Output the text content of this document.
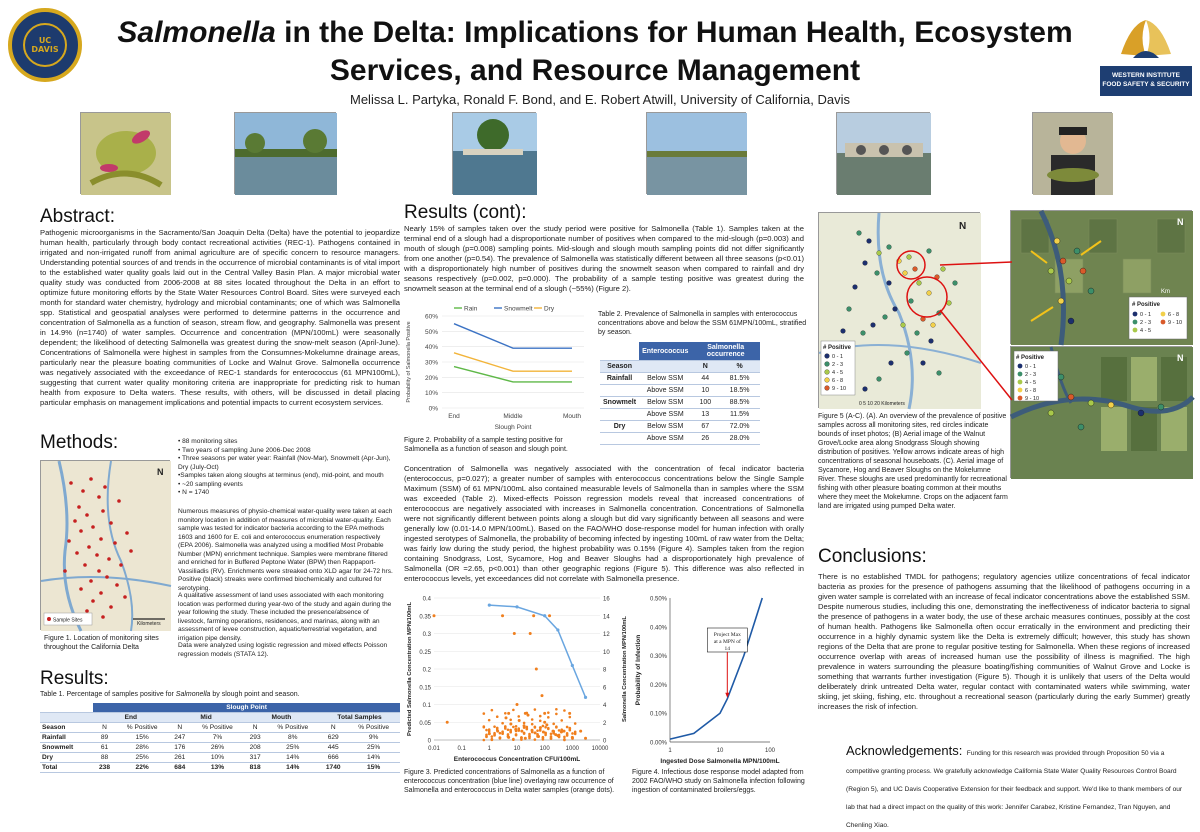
UC
DAVIS
Salmonella in the Delta: Implications for Human Health, Ecosystem Services, and Resource Management
Melissa L. Partyka, Ronald F. Bond, and E. Robert Atwill, University of California, Davis
WESTERN INSTITUTE
FOOD SAFETY & SECURITY
Abstract:
Pathogenic microorganisms in the Sacramento/San Joaquin Delta (Delta) have the potential to jeopardize human health, particularly through body contact recreational activities (REC-1). Pathogens contained in irrigated and non-irrigated runoff from animal agriculture are of specific concern to resource managers. Understanding potential sources of and trends in the occurrence of microbial contaminants is of vital import to the established water quality goals laid out in the Central Valley Basin Plan. A major microbial water quality study was conducted from 2006-2008 at 88 sites located throughout the Delta in an effort to optimize future monitoring efforts by the State Water Resources Control Board. Sites were surveyed each month for standard water chemistry, hydrology and microbial contaminants; one of which was Salmonella spp. Statistical and geospatial analyses were performed to determine patterns in the occurrence and concentration of Salmonella as a function of season, stream flow, and geography. Salmonella was present in 14.9% (n=1740) of water samples. Occurrence and concentration (MPN/100mL) were seasonally dependent; the likelihood of detecting Salmonella was greatest during the snow-melt season (April-June). Concentrations of Salmonella were highest in samples from the Consumnes-Mokelumne drainage areas, particularly near the pleasure boating communities of Locke and Walnut Grove. Salmonella occurrence was negatively associated with the exceedance of REC-1 standards for enterococcus (61 MPN100mL), suggesting that current water quality monitoring criteria are inappropriate for predicting risk to human health from exposure to Delta waters. These results, with others, will be discussed in detail placing particular emphasis on management implications and potential impacts to current ecosystem services.
Methods:
Sample Sites
Kilometers
N
Figure 1. Location of monitoring sites throughout the California Delta
• 88 monitoring sites
• Two years of sampling June 2006-Dec 2008
• Three seasons per water year: Rainfall (Nov-Mar), Snowmelt (Apr-Jun), Dry (July-Oct)
•Samples taken along sloughs at terminus (end), mid-point, and mouth
• ~20 sampling events
• N = 1740
Numerous measures of physio-chemical water-quality were taken at each monitory location in addition of measures of microbial water-quality. Each sample was tested for indicator bacteria according to the EPA methods 1603 and 1600 for E. coli and enterococcus enumeration respectively (EPA 2006). Salmonella was analyzed using a modified Most Probable Number (MPN) enrichment technique. Samples were membrane filtered and enriched for in Buffered Peptone Water (BPW) then Rappaport-Vassiliadis (RV). Enrichments were streaked onto XLD agar for 24-72 hrs. Positive (black) streaks were confirmed biochemically and cultured for serotyping.
A qualitative assessment of land uses associated with each monitoring location was performed during year-two of the study and again during the year following the study. These included the presence/absence of livestock, farming operations, residences, and marinas, along with an assessment of levee construction, aquatic/terrestrial vegetation, and irrigation pipe density.
Data were analyzed using logistic regression and mixed effects Poisson regression models (STATA 12).
Results:
Table 1. Percentage of samples positive for Salmonella by slough point and season.
	Slough Point							
	End		Mid		Mouth		Total Samples	
Season	N	% Positive	N	% Positive	N	% Positive	N	% Positive
Rainfall	89	15%	247	7%	293	8%	629	9%
Snowmelt	61	28%	176	26%	208	25%	445	25%
Dry	88	25%	261	10%	317	14%	666	14%
Total	238	22%	684	13%	818	14%	1740	15%
Results (cont):
Nearly 15% of samples taken over the study period were positive for Salmonella (Table 1). Samples taken at the terminal end of a slough had a disproportionate number of positives when compared to the mid-slough (p=0.003) and mouth of slough (p=0.008) sampling points. Mid-slough and slough mouth sampling points did not differ significantly from one another (p=0.54). The prevalence of Salmonella was statistically different between all three seasons (p<0.01) with a disproportionately high number of positives during the snowmelt season when compared to rainfall and dry seasons respectively (p=0.002, p=0.000). The probability of a sample testing positive was greatest during the snowmelt season at the terminal end of a slough (~55%) (Figure 2).
0%
10%
20%
30%
40%
50%
60%
End	Middle	Mouth
Slough Point
Probability of Salmonella Positive
Rain	Snowmelt Dry
Figure 2. Probability of a sample testing positive for Salmonella as a function of season and slough point.
Table 2. Prevalence of Salmonella in samples with enterococcus concentrations above and below the SSM 61MPN/100mL, stratified by season.
	Enterococcus	Salmonella occurrence	
Season		N	%
Rainfall	Below SSM	44	81.5%
	Above SSM	10	18.5%
Snowmelt	Below SSM	100	88.5%
	Above SSM	13	11.5%
Dry	Below SSM	67	72.0%
	Above SSM	26	28.0%
Concentration of Salmonella was negatively associated with the concentration of fecal indicator bacteria (enterococcus, p=0.027); a greater number of samples with enterococcus concentrations below the Single Sample Maximum (SSM) of 61 MPN/100mL also contained measurable levels of Salmonella than in samples where the SSM was exceeded (Table 2). Mixed-effects Poisson regression models reveal that increased concentrations of enterococcus are negatively associated with increases in Salmonella concentration. Concentrations of Salmonella were not significantly different between points along a slough but did vary significantly between all seasons and were generally low (0.01-14.0 MPN/100mL). Based on the FAO/WHO dose-response model for human infection with orally ingested serotypes of Salmonella, the probability of becoming infected by ingesting 100mL of raw water from the Delta; was fairly low during the study period, the highest probability was 0.15% (Figure 4). Samples taken from the region containing Snodgrass, Lost, Sycamore, Hog and Beaver Sloughs had a disproportionately high prevalence of Salmonella (OR =2.65, p<0.001) than other geographic regions (Figure 5). This difference was also reflected in enterococcus levels, yet exceedances did not correlate with Salmonella presence.
0
0.05
0.1
0.15
0.2
0.25
0.3
0.35
0.4
0
2
4
6
8
10
12
14
16
0.01	0.1	1	10	100	1000 10000
Enterococcus Concentration CFU/100mL
Predicted Salmonella Concentration MPN/100mL	Salmonella Concentration MPN/100mL
Figure 3. Predicted concentrations of Salmonella as a function of enterococcus concentration (blue line) overlaying raw occurrence of Salmonella and enterococcus in Delta water samples (orange dots).
0.00%
0.10%
0.20%
0.30%
0.40%
0.50%
1	10	100
Project Max
at a MPN of
14
Ingested Dose Salmonella MPN/100mL
Probability of Infection
Figure 4. Infectious dose response model adapted from 2002 FAO/WHO study on Salmonella infection following ingestion of contaminated broilers/eggs.
N
# Positive
0 - 1
2 - 3
4 - 5
6 - 8
9 - 10
0 5 10 20 Kilometers
# Positive
0 - 1
2 - 3
4 - 5
6 - 8
9 - 10
N
Km
# Positive
0 - 1
2 - 3
4 - 5
6 - 8
9 - 10
N
Figure 5 (A-C). (A). An overview of the prevalence of positive samples across all monitoring sites, red circles indicate bounds of inset photos; (B) Aerial image of the Walnut Grove/Locke area along Snodgrass Slough showing distribution of positives. Yellow arrows indicate areas of high concentrations of seasonal houseboats. (C). Aerial image of Sycamore, Hog and Beaver Sloughs on the Mokelumne River. These sloughs are used predominantly for recreational fishing with other pleasure boating common at their mouths where they meet the Mokelumne. Crops on the adjacent farm land are irrigated using pumped Delta water.
Conclusions:
There is no established TMDL for pathogens; regulatory agencies utilize concentrations of fecal indicator bacteria as proxies for the presence of pathogens assuming that the likelihood of pathogens occurring in a given water sample is correlated with an increase of fecal indicator concentrations above the established SSM. Despite numerous studies, including this one, demonstrating the ineffectiveness of indicator bacteria to signal the presence of pathogens in a water body, the use of these archaic measures continues, possibly at the cost of human health. Pathogens like Salmonella often occur erratically in the environment and predicting their occurrence in a highly dynamic system like the Delta is extremely difficult; however, this study has shown regions of the Delta that are prone to regular positive testing for Salmonella. When these regions of increased occurrence overlap with areas of increased human use the possibility of illness is magnified. The high prevalence in waters surrounding the pleasure boating/fishing communities of Walnut Grove and Locke is something that warrants further investigation (Figure 5). Though it is unlikely that users of the Delta would deliberately drink untreated Delta water, regular contact with contaminated waters while swimming, water skiing, jet skiing, fishing, etc. throughout a recreational season (particularly during the early Summer) greatly increases the risk of infection.
Acknowledgements: Funding for this research was provided through Proposition 50 via a competitive granting process. We gratefully acknowledge California State Water Quality Resources Control Board (Region 5), and UC Davis Cooperative Extension for their feedback and support. We'd like to thank members of our lab that had a direct impact on the quality of this work: Jennifer Carabez, Kristine Fernandez, Tran Nguyen, and Chenling Xiao.
